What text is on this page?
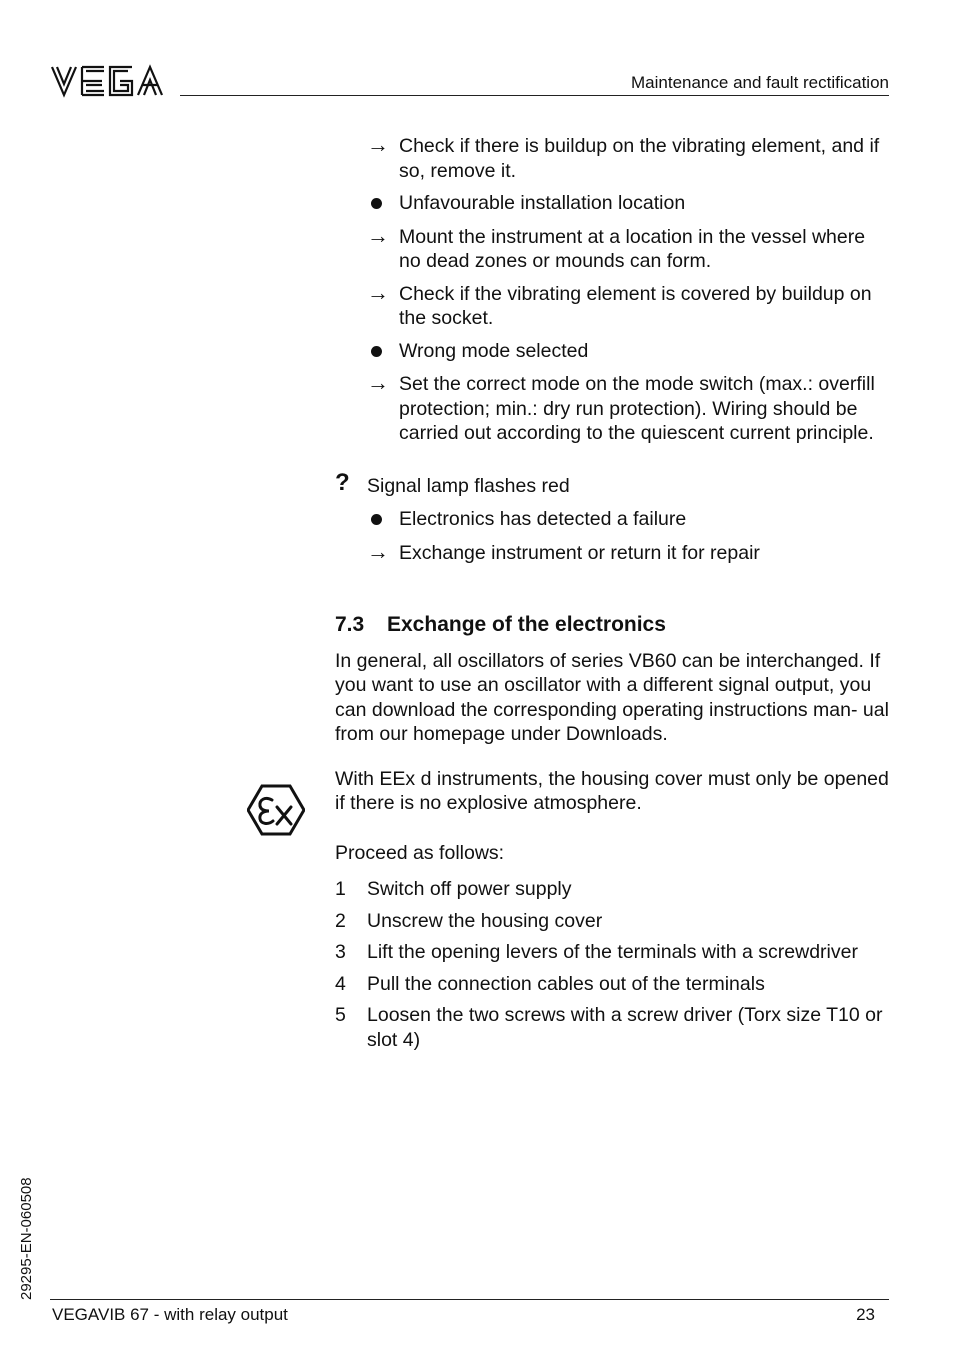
Maintenance and fault rectification
→ Check if there is buildup on the vibrating element, and if so, remove it.
Unfavourable installation location
→ Mount the instrument at a location in the vessel where no dead zones or mounds can form.
→ Check if the vibrating element is covered by buildup on the socket.
Wrong mode selected
→ Set the correct mode on the mode switch (max.: overfill protection; min.: dry run protection). Wiring should be carried out according to the quiescent current principle.
? Signal lamp flashes red
Electronics has detected a failure
→ Exchange instrument or return it for repair
7.3 Exchange of the electronics
In general, all oscillators of series VB60 can be interchanged. If you want to use an oscillator with a different signal output, you can download the corresponding operating instructions man- ual from our homepage under Downloads.
With EEx d instruments, the housing cover must only be opened if there is no explosive atmosphere.
Proceed as follows:
1 Switch off power supply
2 Unscrew the housing cover
3 Lift the opening levers of the terminals with a screwdriver
4 Pull the connection cables out of the terminals
5 Loosen the two screws with a screw driver (Torx size T10 or slot 4)
29295-EN-060508
VEGAVIB 67 - with relay output	23
